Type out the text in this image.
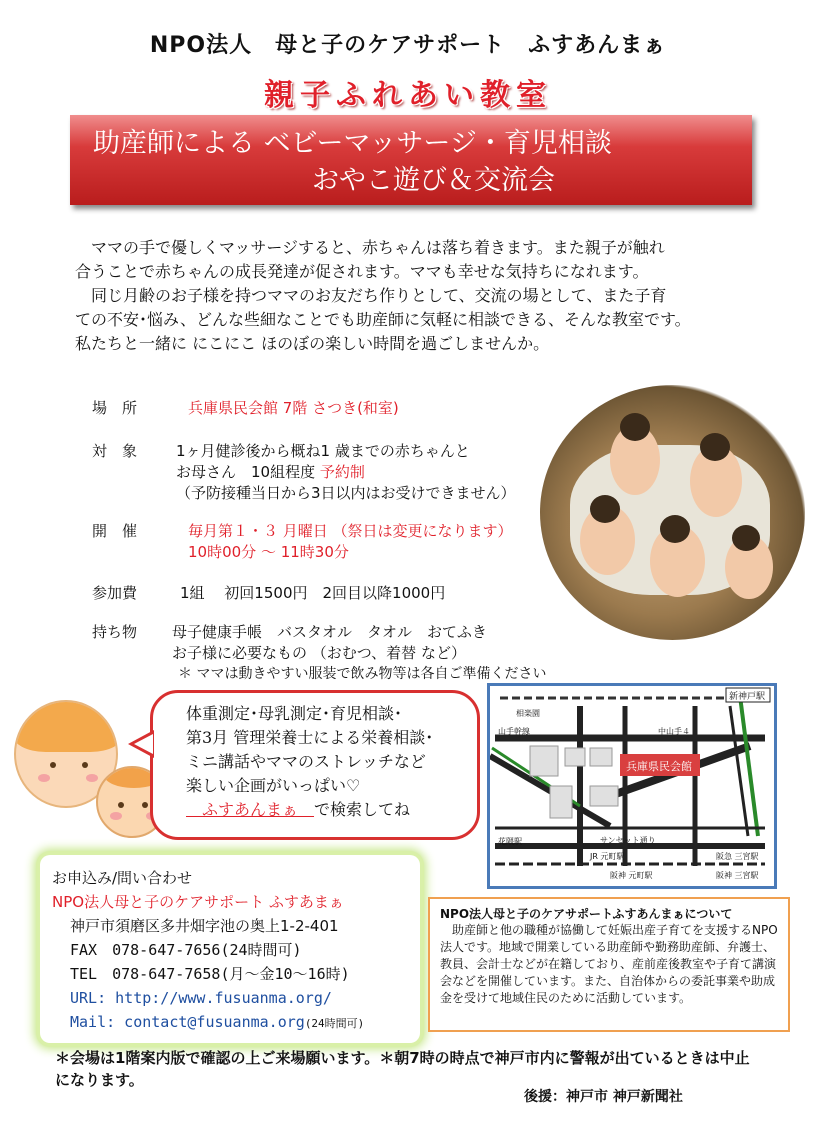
NPO法人　母と子のケアサポート　ふすあんまぁ
親子ふれあい教室
助産師による ベビーマッサージ・育児相談
おやこ遊び＆交流会

　ママの手で優しくマッサージすると、赤ちゃんは落ち着きます。また親子が触れ

合うことで赤ちゃんの成長発達が促されます。ママも幸せな気持ちになれます。

　同じ月齢のお子様を持つママのお友だち作りとして、交流の場として、また子育

ての不安･悩み、どんな些細なことでも助産師に気軽に相談できる、そんな教室です。

私たちと一緒に にこにこ ほのぼの楽しい時間を過ごしませんか。

場　所	兵庫県民会館 7階 さつき(和室)
対　象	1ヶ月健診後から概ね1 歳までの赤ちゃんと
お母さん　10組程度 予約制
（予防接種当日から3日以内はお受けできません）
開　催	毎月第１・３ 月曜日 （祭日は変更になります）
10時00分 ～ 11時30分
参加費	1組　 初回1500円　2回目以降1000円
持ち物 母子健康手帳　バスタオル　タオル　おてふき
お子様に必要なもの （おむつ、着替 など）
＊ ママは動きやすい服装で飲み物等は各自ご準備ください
体重測定･母乳測定･育児相談･
第3月 管理栄養士による栄養相談･
ミニ講話やママのストレッチなど
楽しい企画がいっぱい♡
　ふすあんまぁ　で検索してね
兵庫県民会館
新神戸駅
山手幹線
相楽園
花隈駅	サンセット通り
JR 元町駅
阪神 元町駅
阪急 三宮駅
阪神 三宮駅
中山手４
お申込み/問い合わせ
NPO法人母と子のケアサポート ふすあまぁ
神戸市須磨区多井畑字池の奥上1-2-401
FAX　078-647-7656(24時間可)
TEL　078-647-7658(月～金10～16時)
URL: http://www.fusuanma.org/
Mail: contact@fusuanma.org(24時間可)
NPO法人母と子のケアサポートふすあんまぁについて
　助産師と他の職種が協働して妊娠出産子育てを支援するNPO法人です。地域で開業している助産師や勤務助産師、弁護士、教員、会計士などが在籍しており、産前産後教室や子育て講演会などを開催しています。また、自治体からの委託事業や助成金を受けて地域住民のために活動しています。
＊会場は1階案内版で確認の上ご来場願います。＊朝7時の時点で神戸市内に警報が出ているときは中止
になります。
後援：神戸市 神戸新聞社
